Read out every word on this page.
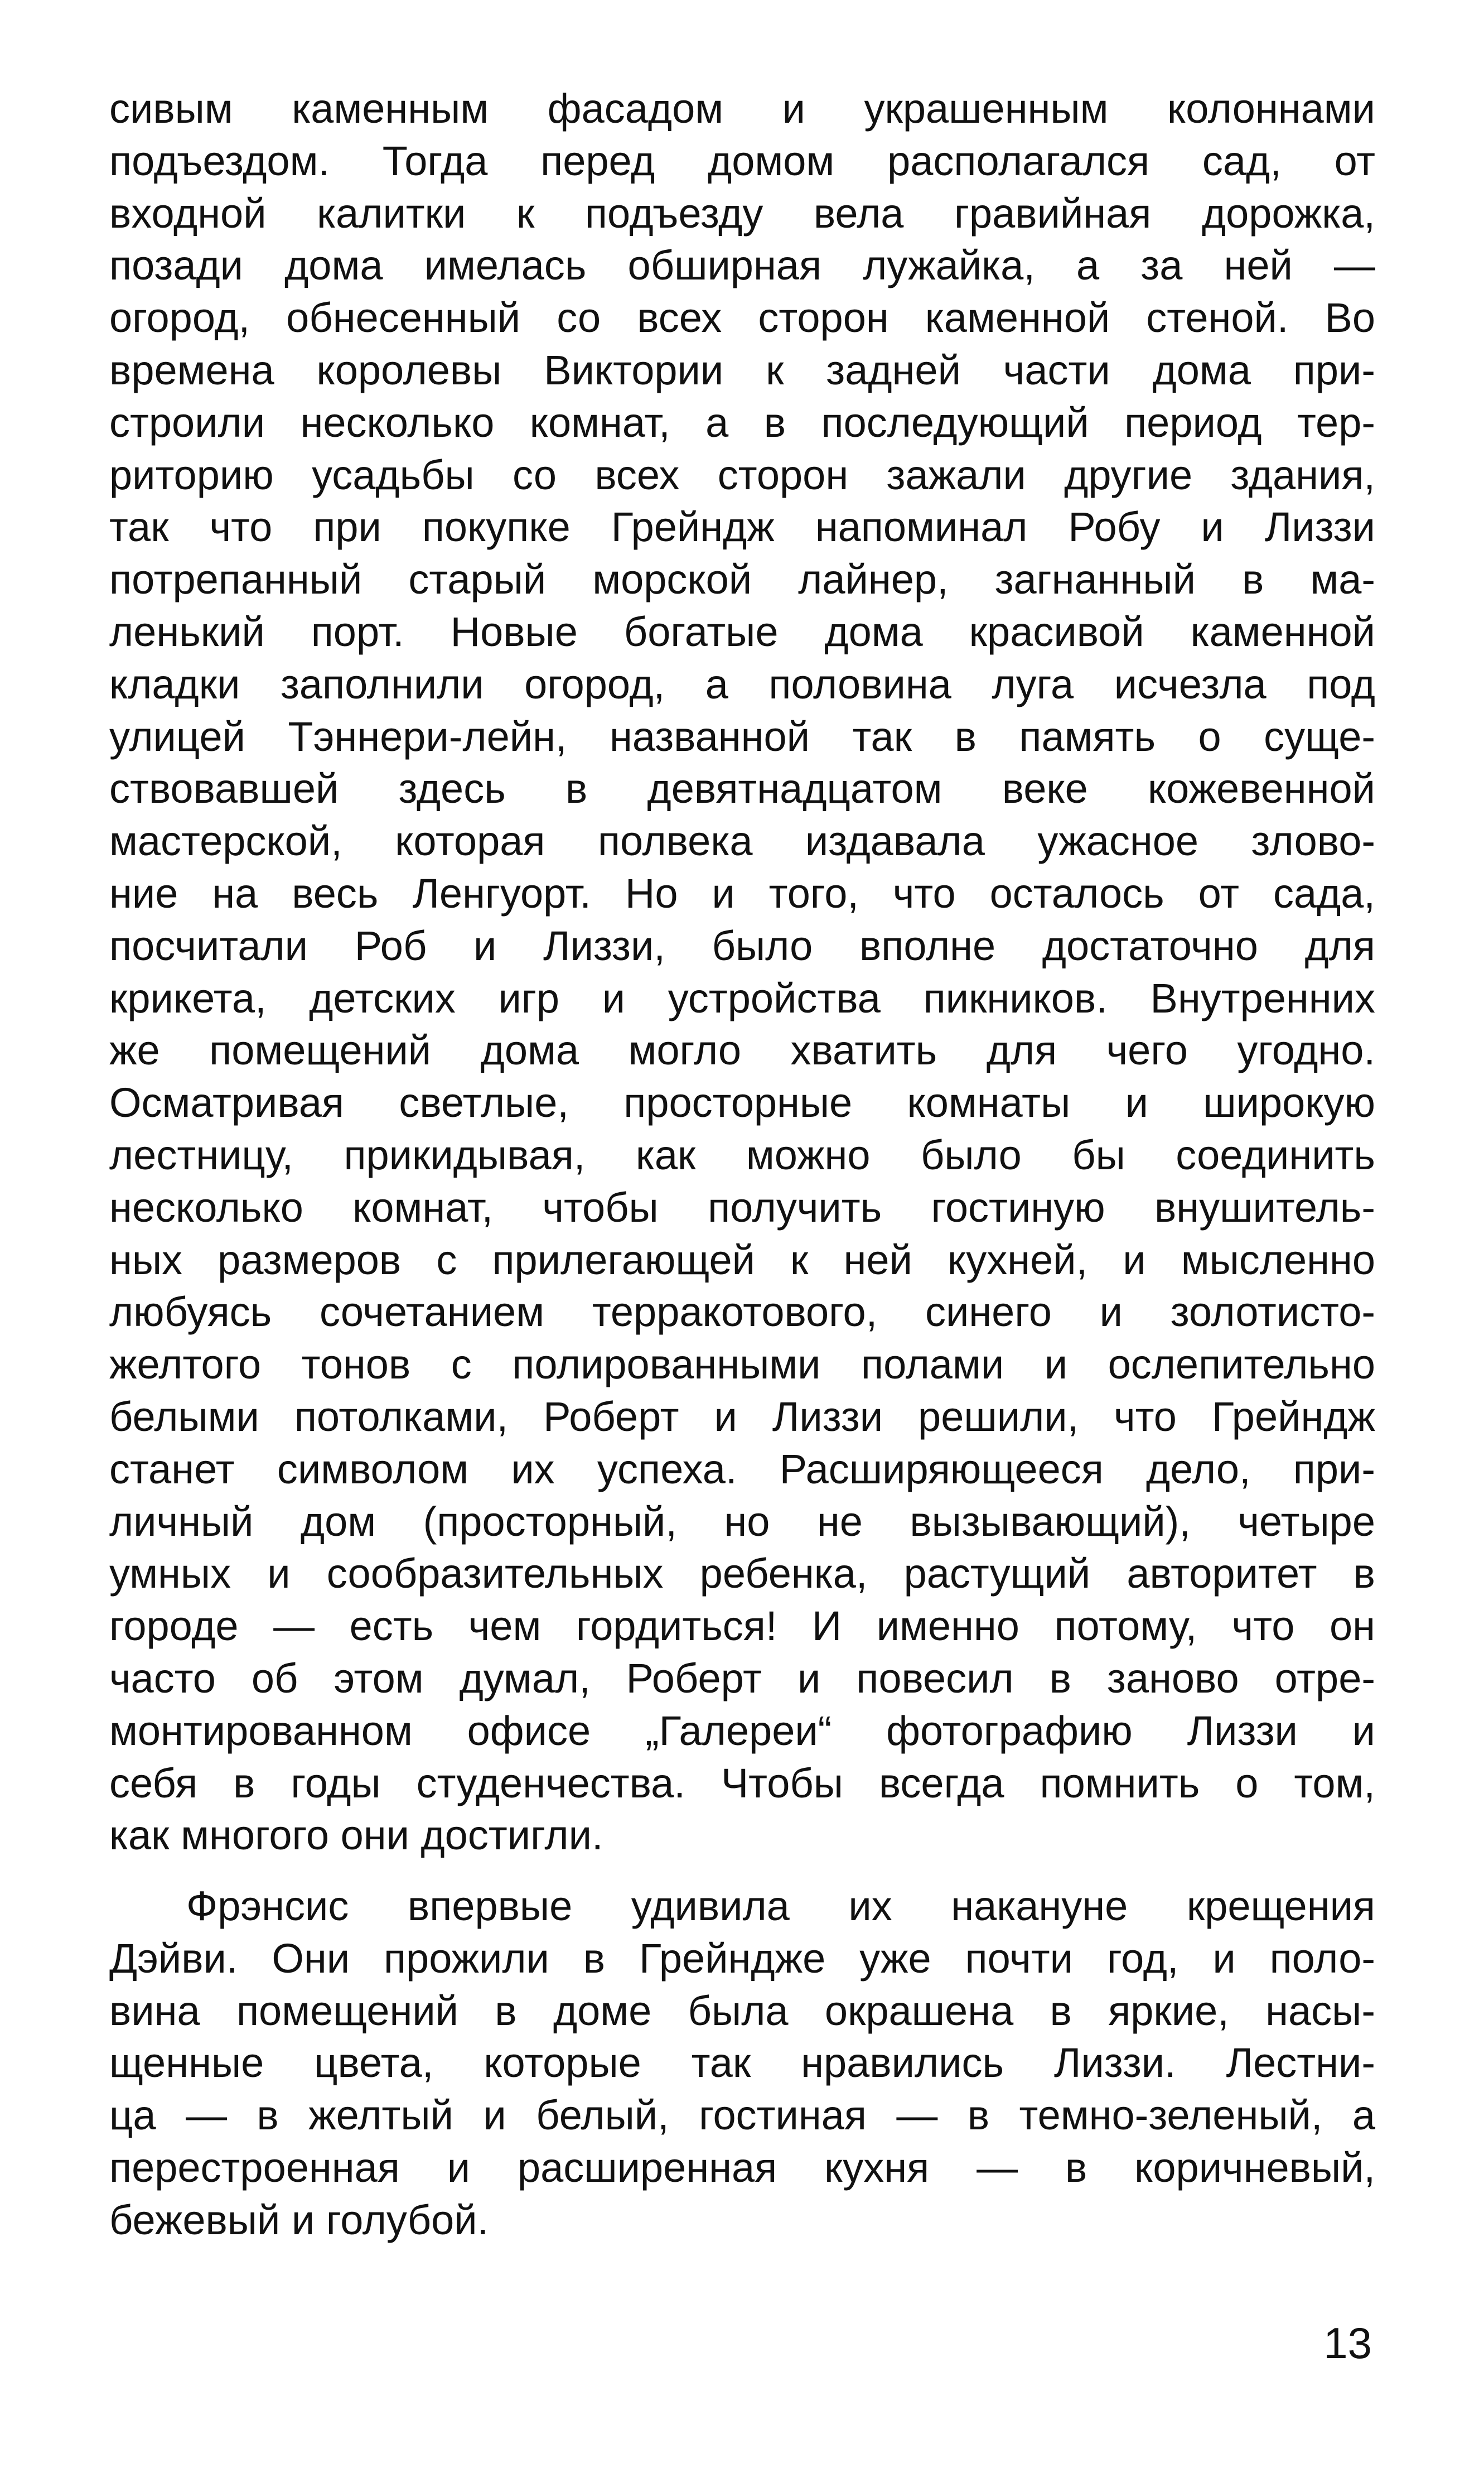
сивым каменным фасадом и украшенным колоннами
подъездом. Тогда перед домом располагался сад, от
входной калитки к подъезду вела гравийная дорожка,
позади дома имелась обширная лужайка, а за ней —
огород, обнесенный со всех сторон каменной стеной. Во
времена королевы Виктории к задней части дома при-
строили несколько комнат, а в последующий период тер-
риторию усадьбы со всех сторон зажали другие здания,
так что при покупке Грейндж напоминал Робу и Лиззи
потрепанный старый морской лайнер, загнанный в ма-
ленький порт. Новые богатые дома красивой каменной
кладки заполнили огород, а половина луга исчезла под
улицей Тэннери-лейн, названной так в память о суще-
ствовавшей здесь в девятнадцатом веке кожевенной
мастерской, которая полвека издавала ужасное злово-
ние на весь Ленгуорт. Но и того, что осталось от сада,
посчитали Роб и Лиззи, было вполне достаточно для
крикета, детских игр и устройства пикников. Внутренних
же помещений дома могло хватить для чего угодно.
Осматривая светлые, просторные комнаты и широкую
лестницу, прикидывая, как можно было бы соединить
несколько комнат, чтобы получить гостиную внушитель-
ных размеров с прилегающей к ней кухней, и мысленно
любуясь сочетанием терракотового, синего и золотисто-
желтого тонов с полированными полами и ослепительно
белыми потолками, Роберт и Лиззи решили, что Грейндж
станет символом их успеха. Расширяющееся дело, при-
личный дом (просторный, но не вызывающий), четыре
умных и сообразительных ребенка, растущий авторитет в
городе — есть чем гордиться! И именно потому, что он
часто об этом думал, Роберт и повесил в заново отре-
монтированном офисе „Галереи“ фотографию Лиззи и
себя в годы студенчества. Чтобы всегда помнить о том,
как многого они достигли.
Фрэнсис впервые удивила их накануне крещения
Дэйви. Они прожили в Грейндже уже почти год, и поло-
вина помещений в доме была окрашена в яркие, насы-
щенные цвета, которые так нравились Лиззи. Лестни-
ца — в желтый и белый, гостиная — в темно-зеленый, а
перестроенная и расширенная кухня — в коричневый,
бежевый и голубой.
13
